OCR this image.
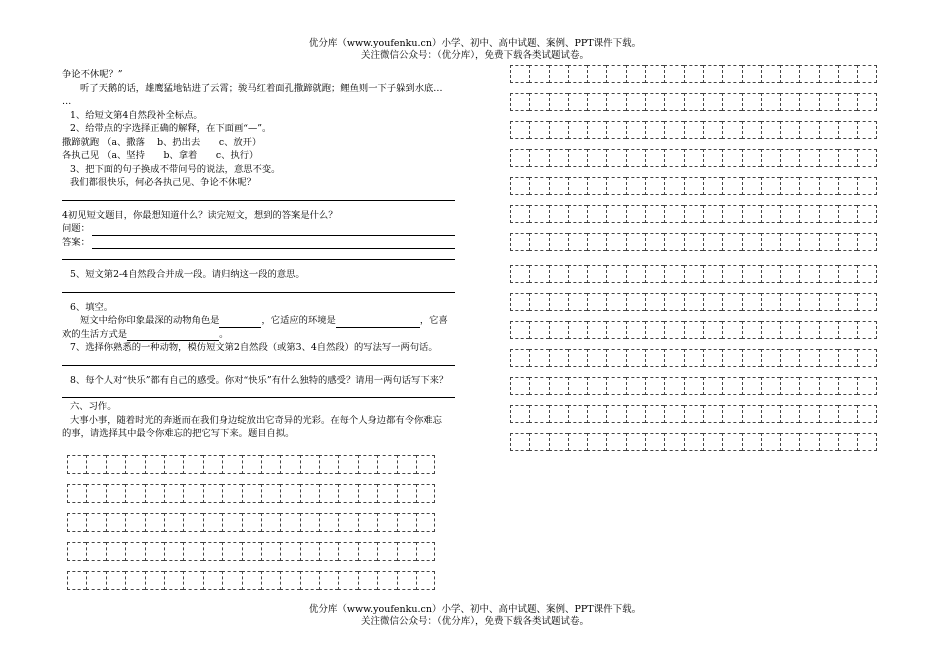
优分库（www.youfenku.cn）小学、初中、高中试题、案例、PPT课件下载。
关注微信公众号：（优分库），免费下载各类试题试卷。

争论不休呢？”

听了天鹅的话，雄鹰猛地钻进了云霄；骏马红着面孔撒蹄就跑；鲤鱼则一下子躲到水底…

…

1、给短文第4自然段补全标点。

2、给带点的字选择正确的解释，在下面画“—”。

撒蹄就跑 （a、撒落　 b、扔出去　　c、放开）

各执己见 （a、坚持　　b、拿着　　c、执行）

3、把下面的句子换成不带问号的说法，意思不变。

我们都很快乐，何必各执己见、争论不休呢？

4初见短文题目，你最想知道什么？读完短文，想到的答案是什么？

问题：
答案：

5、短文第2-4自然段合并成一段。请归纳这一段的意思。

6、填空。

短文中给你印象最深的动物角色是	，它适应的环境是	，它喜

欢的生活方式是	。

7、选择你熟悉的一种动物，模仿短文第2自然段（或第3、4自然段）的写法写一两句话。

8、每个人对“快乐”都有自己的感受。你对“快乐”有什么独特的感受？请用一两句话写下来？

六、习作。

大事小事，随着时光的奔逝而在我们身边绽放出它奇异的光彩。在每个人身边都有令你难忘

的事，请选择其中最令你难忘的把它写下来。题目自拟。

优分库（www.youfenku.cn）小学、初中、高中试题、案例、PPT课件下载。
关注微信公众号：（优分库），免费下载各类试题试卷。
